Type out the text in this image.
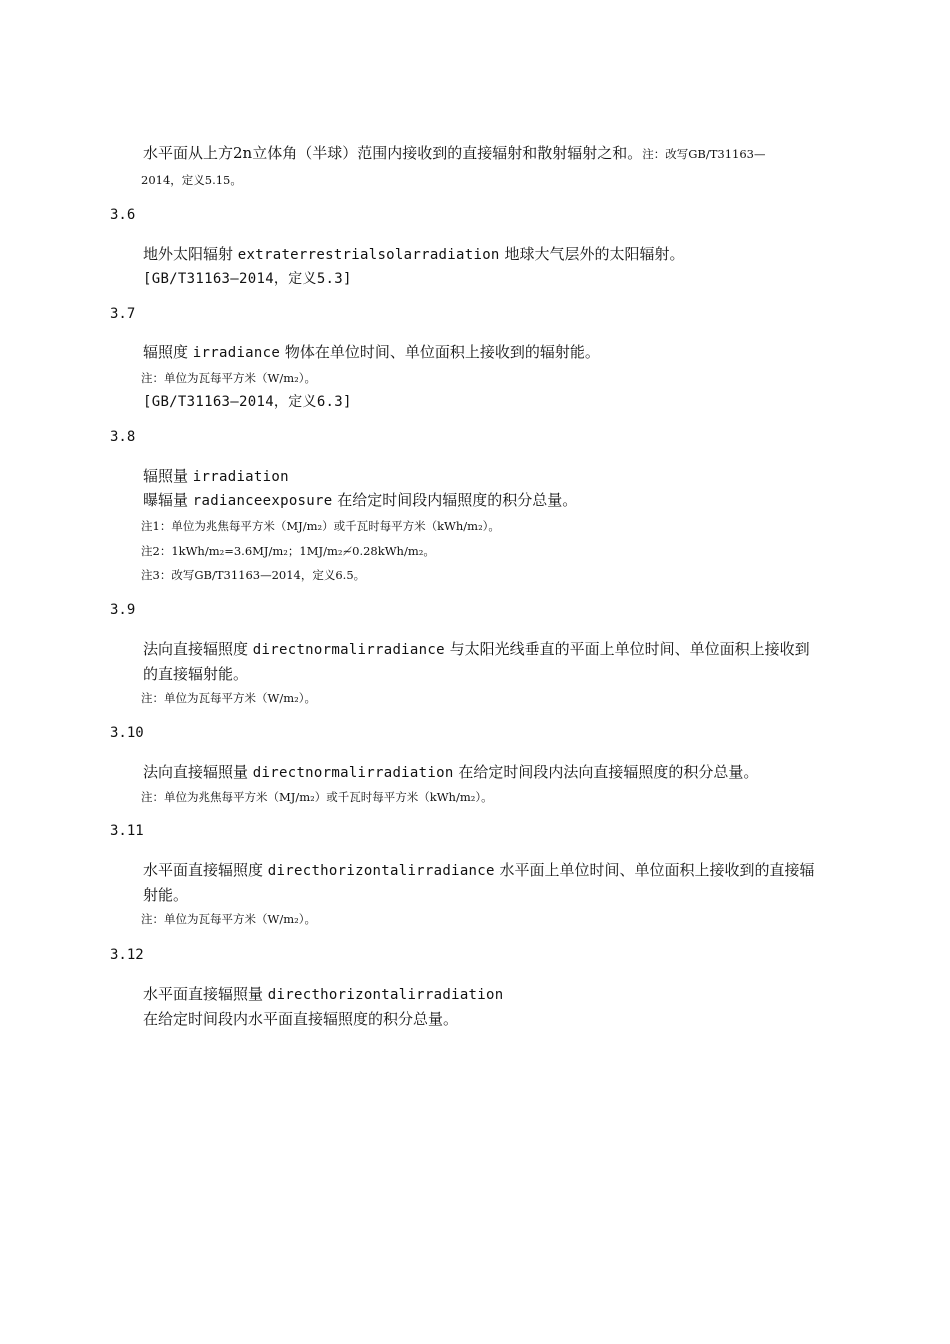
水平面从上方2n立体角（半球）范围内接收到的直接辐射和散射辐射之和。注：改写GB/T31163—
2014，定义5.15。
3.6
地外太阳辐射 extraterrestrialsolarradiation 地球大气层外的太阳辐射。
[GB/T31163—2014，定义5.3]
3.7
辐照度 irradiance 物体在单位时间、单位面积上接收到的辐射能。
注：单位为瓦每平方米（W/m₂）。
[GB/T31163—2014，定义6.3]
3.8
辐照量 irradiation
曝辐量 radianceexposure 在给定时间段内辐照度的积分总量。
注1：单位为兆焦每平方米（MJ/m₂）或千瓦时每平方米（kWh/m₂）。
注2：1kWh/m₂=3.6MJ/m₂；1MJ/m₂≁0.28kWh/m₂。
注3：改写GB/T31163—2014，定义6.5。
3.9
法向直接辐照度 directnormalirradiance 与太阳光线垂直的平面上单位时间、单位面积上接收到
的直接辐射能。
注：单位为瓦每平方米（W/m₂）。
3.10
法向直接辐照量 directnormalirradiation 在给定时间段内法向直接辐照度的积分总量。
注：单位为兆焦每平方米（MJ/m₂）或千瓦时每平方米（kWh/m₂）。
3.11
水平面直接辐照度 directhorizontalirradiance 水平面上单位时间、单位面积上接收到的直接辐
射能。
注：单位为瓦每平方米（W/m₂）。
3.12
水平面直接辐照量 directhorizontalirradiation
在给定时间段内水平面直接辐照度的积分总量。
